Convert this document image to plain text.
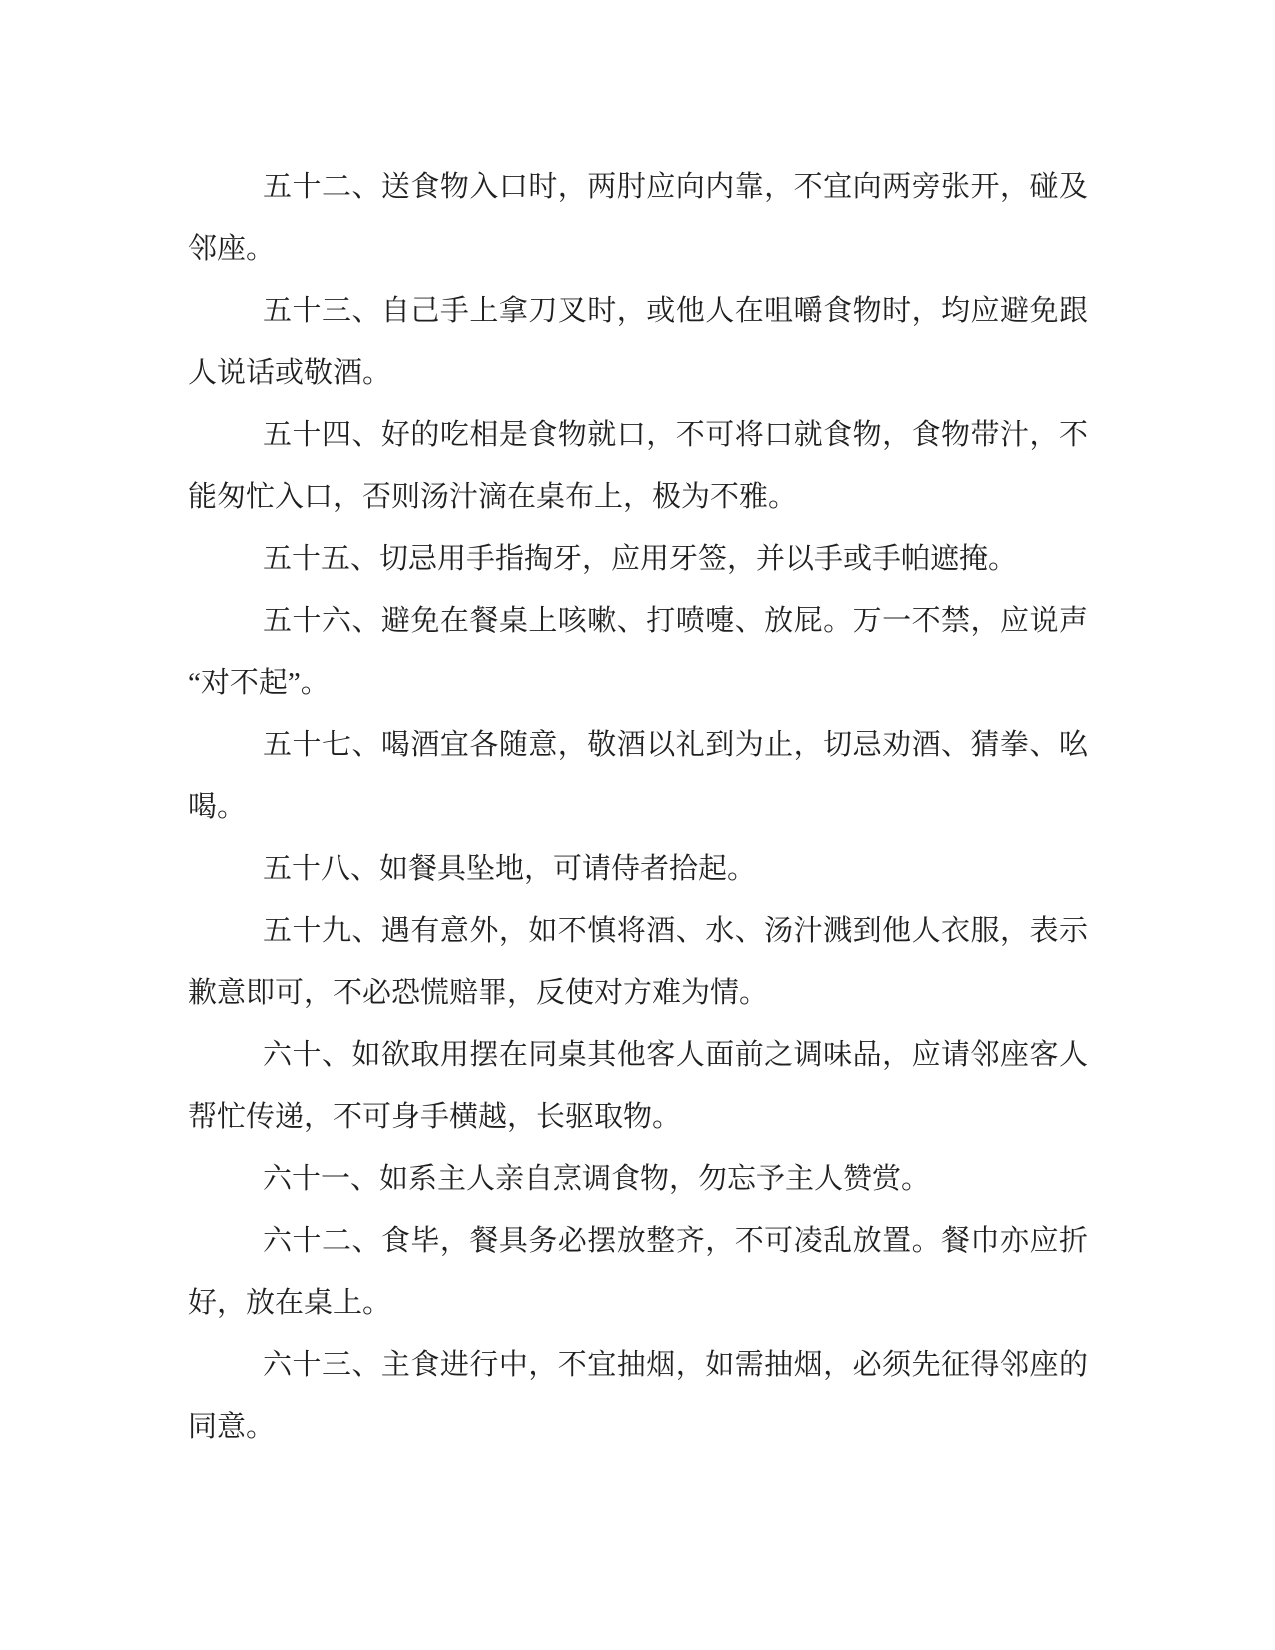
五十二、送食物入口时，两肘应向内靠，不宜向两旁张开，碰及邻座。

五十三、自己手上拿刀叉时，或他人在咀嚼食物时，均应避免跟人说话或敬酒。

五十四、好的吃相是食物就口，不可将口就食物，食物带汁，不能匆忙入口，否则汤汁滴在桌布上，极为不雅。

五十五、切忌用手指掏牙，应用牙签，并以手或手帕遮掩。

五十六、避免在餐桌上咳嗽、打喷嚏、放屁。万一不禁，应说声“对不起”。

五十七、喝酒宜各随意，敬酒以礼到为止，切忌劝酒、猜拳、吆喝。

五十八、如餐具坠地，可请侍者拾起。

五十九、遇有意外，如不慎将酒、水、汤汁溅到他人衣服，表示歉意即可，不必恐慌赔罪，反使对方难为情。

六十、如欲取用摆在同桌其他客人面前之调味品，应请邻座客人帮忙传递，不可身手横越，长驱取物。

六十一、如系主人亲自烹调食物，勿忘予主人赞赏。

六十二、食毕，餐具务必摆放整齐，不可凌乱放置。餐巾亦应折好，放在桌上。

六十三、主食进行中，不宜抽烟，如需抽烟，必须先征得邻座的同意。
